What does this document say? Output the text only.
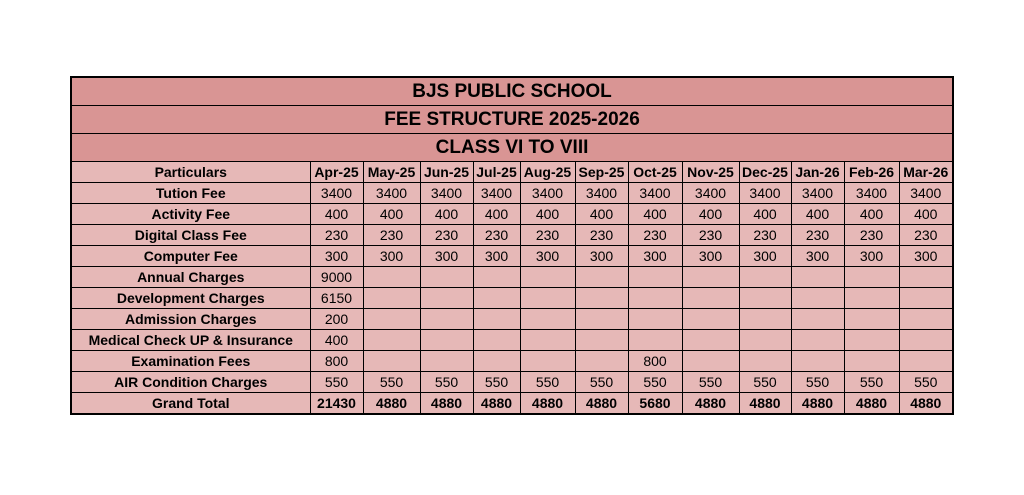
BJS PUBLIC SCHOOL												
FEE STRUCTURE 2025-2026												
CLASS VI TO VIII												
Particulars	Apr-25	May-25	Jun-25	Jul-25	Aug-25	Sep-25	Oct-25	Nov-25	Dec-25	Jan-26	Feb-26	Mar-26
Tution Fee	3400	3400	3400	3400	3400	3400	3400	3400	3400	3400	3400	3400
Activity Fee	400	400	400	400	400	400	400	400	400	400	400	400
Digital Class Fee	230	230	230	230	230	230	230	230	230	230	230	230
Computer Fee	300	300	300	300	300	300	300	300	300	300	300	300
Annual Charges	9000											
Development Charges	6150											
Admission Charges	200											
Medical Check UP & Insurance	400											
Examination Fees	800						800					
AIR Condition Charges	550	550	550	550	550	550	550	550	550	550	550	550
Grand Total	21430	4880	4880	4880	4880	4880	5680	4880	4880	4880	4880	4880
